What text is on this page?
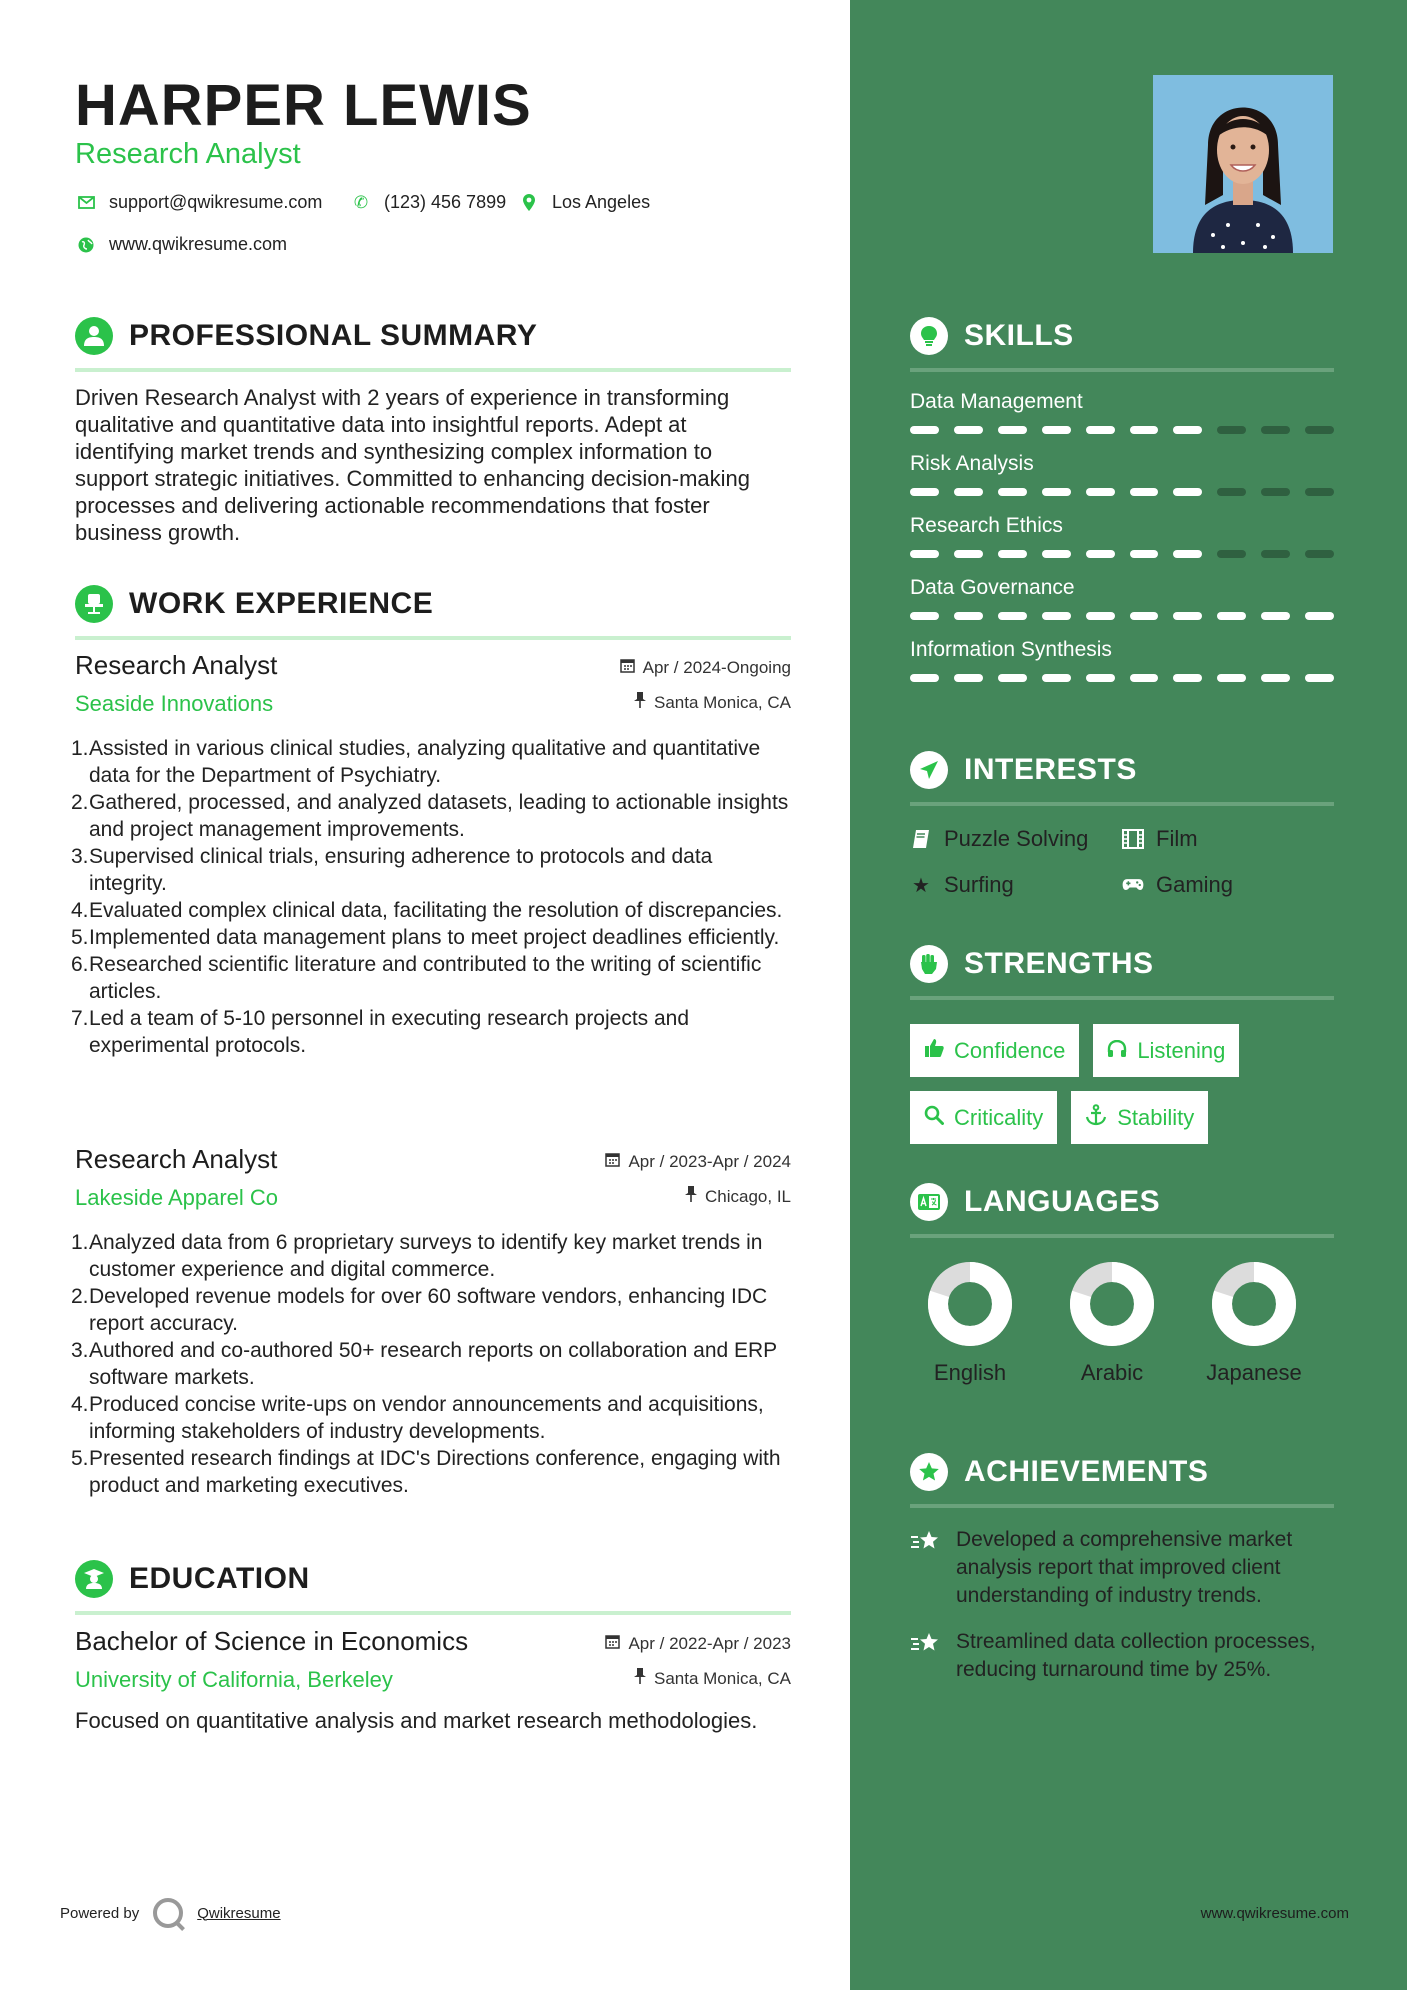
HARPER LEWIS
Research Analyst
support@qwikresume.com ✆ (123) 456 7899	Los Angeles
www.qwikresume.com
PROFESSIONAL SUMMARY
Driven Research Analyst with 2 years of experience in transforming qualitative and quantitative data into insightful reports. Adept at identifying market trends and synthesizing complex information to support strategic initiatives. Committed to enhancing decision-making processes and delivering actionable recommendations that foster business growth.
WORK EXPERIENCE
Research Analyst
Seaside Innovations
Apr / 2024-Ongoing
Santa Monica, CA
1. Assisted in various clinical studies, analyzing qualitative and quantitative data for the Department of Psychiatry.
2. Gathered, processed, and analyzed datasets, leading to actionable insights and project management improvements.
3. Supervised clinical trials, ensuring adherence to protocols and data integrity.
4. Evaluated complex clinical data, facilitating the resolution of discrepancies.
5. Implemented data management plans to meet project deadlines efficiently.
6. Researched scientific literature and contributed to the writing of scientific articles.
7. Led a team of 5-10 personnel in executing research projects and experimental protocols.
Research Analyst
Lakeside Apparel Co
Apr / 2023-Apr / 2024
Chicago, IL
1. Analyzed data from 6 proprietary surveys to identify key market trends in customer experience and digital commerce.
2. Developed revenue models for over 60 software vendors, enhancing IDC report accuracy.
3. Authored and co-authored 50+ research reports on collaboration and ERP software markets.
4. Produced concise write-ups on vendor announcements and acquisitions, informing stakeholders of industry developments.
5. Presented research findings at IDC's Directions conference, engaging with product and marketing executives.
EDUCATION
Bachelor of Science in Economics
University of California, Berkeley
Apr / 2022-Apr / 2023
Santa Monica, CA
Focused on quantitative analysis and market research methodologies.
Powered by	Qwikresume	www.qwikresume.com
SKILLS
Data Management
Risk Analysis
Research Ethics
Data Governance
Information Synthesis
INTERESTS
Puzzle Solving	Film
★ Surfing	Gaming
STRENGTHS
Confidence	Listening
Criticality	Stability
LANGUAGES
English	Arabic	Japanese
ACHIEVEMENTS
Developed a comprehensive market analysis report that improved client understanding of industry trends.
Streamlined data collection processes, reducing turnaround time by 25%.
